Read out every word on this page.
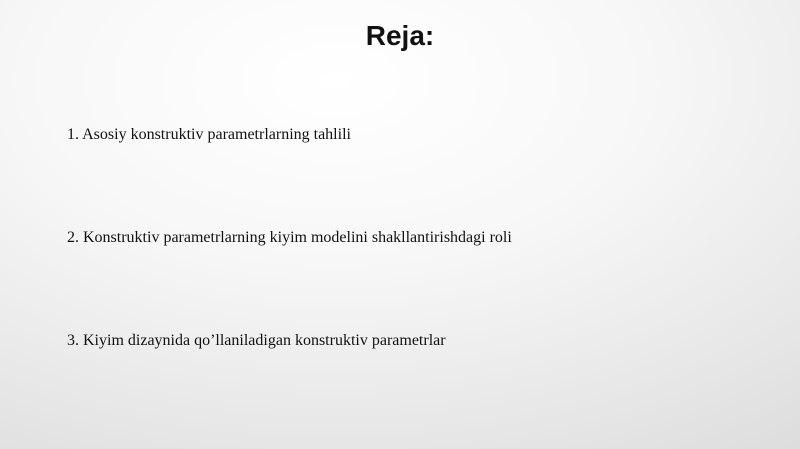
Reja:

1. Asosiy konstruktiv parametrlarning tahlili

2. Konstruktiv parametrlarning kiyim modelini shakllantirishdagi roli

3. Kiyim dizaynida qo’llaniladigan konstruktiv parametrlar
